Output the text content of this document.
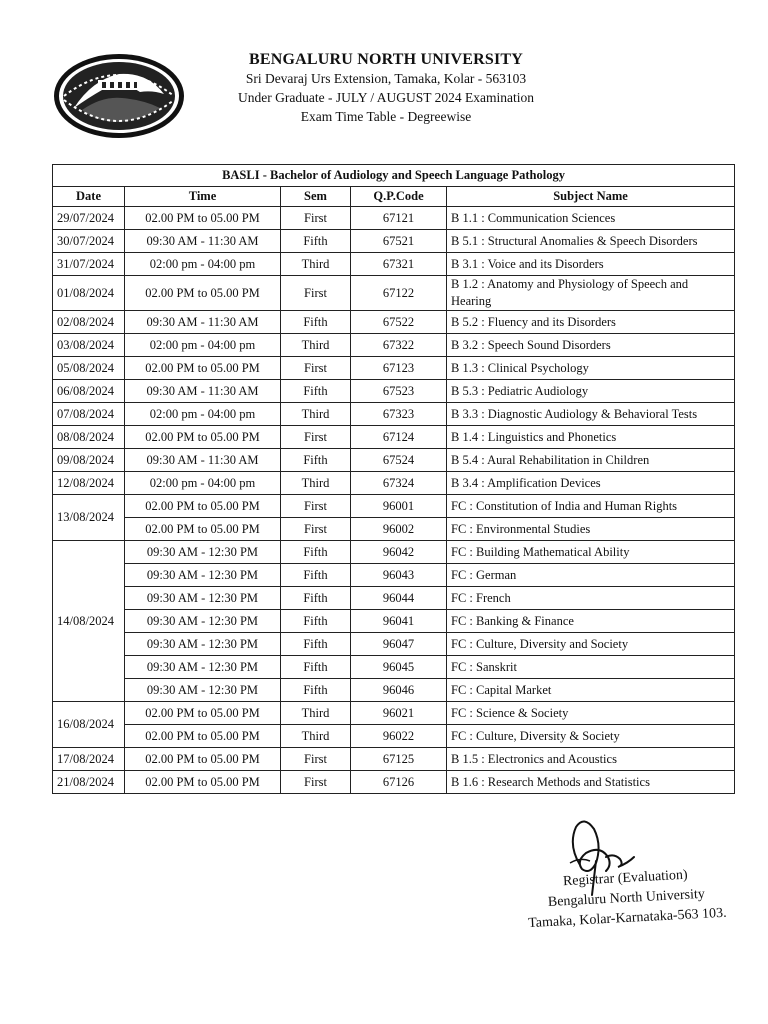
BENGALURU NORTH UNIVERSITY
Sri Devaraj Urs Extension, Tamaka, Kolar - 563103
Under Graduate - JULY / AUGUST 2024 Examination
Exam Time Table - Degreewise
BASLI - Bachelor of Audiology and Speech Language Pathology				
Date	Time	Sem	Q.P.Code	Subject Name
29/07/2024	02.00 PM to 05.00 PM	First	67121	B 1.1 : Communication Sciences
30/07/2024	09:30 AM - 11:30 AM	Fifth	67521	B 5.1 : Structural Anomalies & Speech Disorders
31/07/2024	02:00 pm - 04:00 pm	Third	67321	B 3.1 : Voice and its Disorders
01/08/2024	02.00 PM to 05.00 PM	First	67122	B 1.2 : Anatomy and Physiology of Speech and Hearing
02/08/2024	09:30 AM - 11:30 AM	Fifth	67522	B 5.2 : Fluency and its Disorders
03/08/2024	02:00 pm - 04:00 pm	Third	67322	B 3.2 : Speech Sound Disorders
05/08/2024	02.00 PM to 05.00 PM	First	67123	B 1.3 : Clinical Psychology
06/08/2024	09:30 AM - 11:30 AM	Fifth	67523	B 5.3 : Pediatric Audiology
07/08/2024	02:00 pm - 04:00 pm	Third	67323	B 3.3 : Diagnostic Audiology & Behavioral Tests
08/08/2024	02.00 PM to 05.00 PM	First	67124	B 1.4 : Linguistics and Phonetics
09/08/2024	09:30 AM - 11:30 AM	Fifth	67524	B 5.4 : Aural Rehabilitation in Children
12/08/2024	02:00 pm - 04:00 pm	Third	67324	B 3.4 : Amplification Devices
13/08/2024	02.00 PM to 05.00 PM	First	96001	FC : Constitution of India and Human Rights
	02.00 PM to 05.00 PM	First	96002	FC : Environmental Studies
14/08/2024	09:30 AM - 12:30 PM	Fifth	96042	FC : Building Mathematical Ability
	09:30 AM - 12:30 PM	Fifth	96043	FC : German
	09:30 AM - 12:30 PM	Fifth	96044	FC : French
	09:30 AM - 12:30 PM	Fifth	96041	FC : Banking & Finance
	09:30 AM - 12:30 PM	Fifth	96047	FC : Culture, Diversity and Society
	09:30 AM - 12:30 PM	Fifth	96045	FC : Sanskrit
	09:30 AM - 12:30 PM	Fifth	96046	FC : Capital Market
16/08/2024	02.00 PM to 05.00 PM	Third	96021	FC : Science & Society
	02.00 PM to 05.00 PM	Third	96022	FC : Culture, Diversity & Society
17/08/2024	02.00 PM to 05.00 PM	First	67125	B 1.5 : Electronics and Acoustics
21/08/2024	02.00 PM to 05.00 PM	First	67126	B 1.6 : Research Methods and Statistics
Registrar (Evaluation)
Bengaluru North University
Tamaka, Kolar-Karnataka-563 103.
